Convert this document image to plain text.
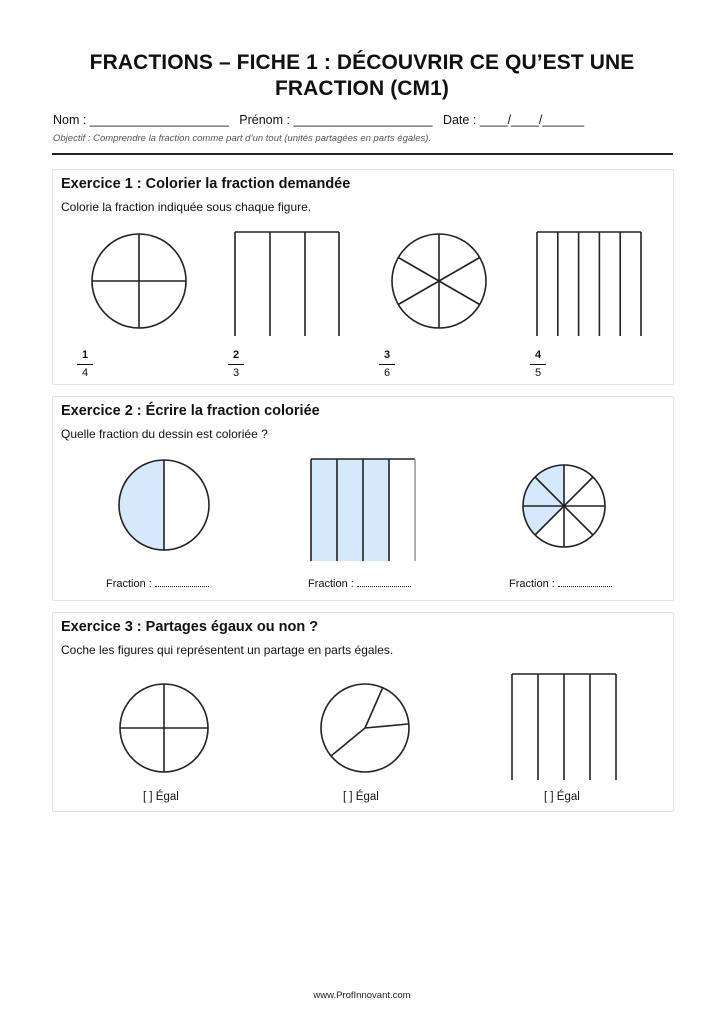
FRACTIONS – FICHE 1 : DÉCOUVRIR CE QU’EST UNE FRACTION (CM1)
Nom : ____________________ Prénom : ____________________ Date : ____/____/______
Objectif : Comprendre la fraction comme part d’un tout (unités partagées en parts égales).
Exercice 1 : Colorier la fraction demandée
Colorie la fraction indiquée sous chaque figure.
1
4
2
3
3
6
4
5
Exercice 2 : Écrire la fraction coloriée
Quelle fraction du dessin est coloriée ?
Fraction :	Fraction :	Fraction :
Exercice 3 : Partages égaux ou non ?
Coche les figures qui représentent un partage en parts égales.
[ ] Égal	[ ] Égal	[ ] Égal
www.ProfInnovant.com
